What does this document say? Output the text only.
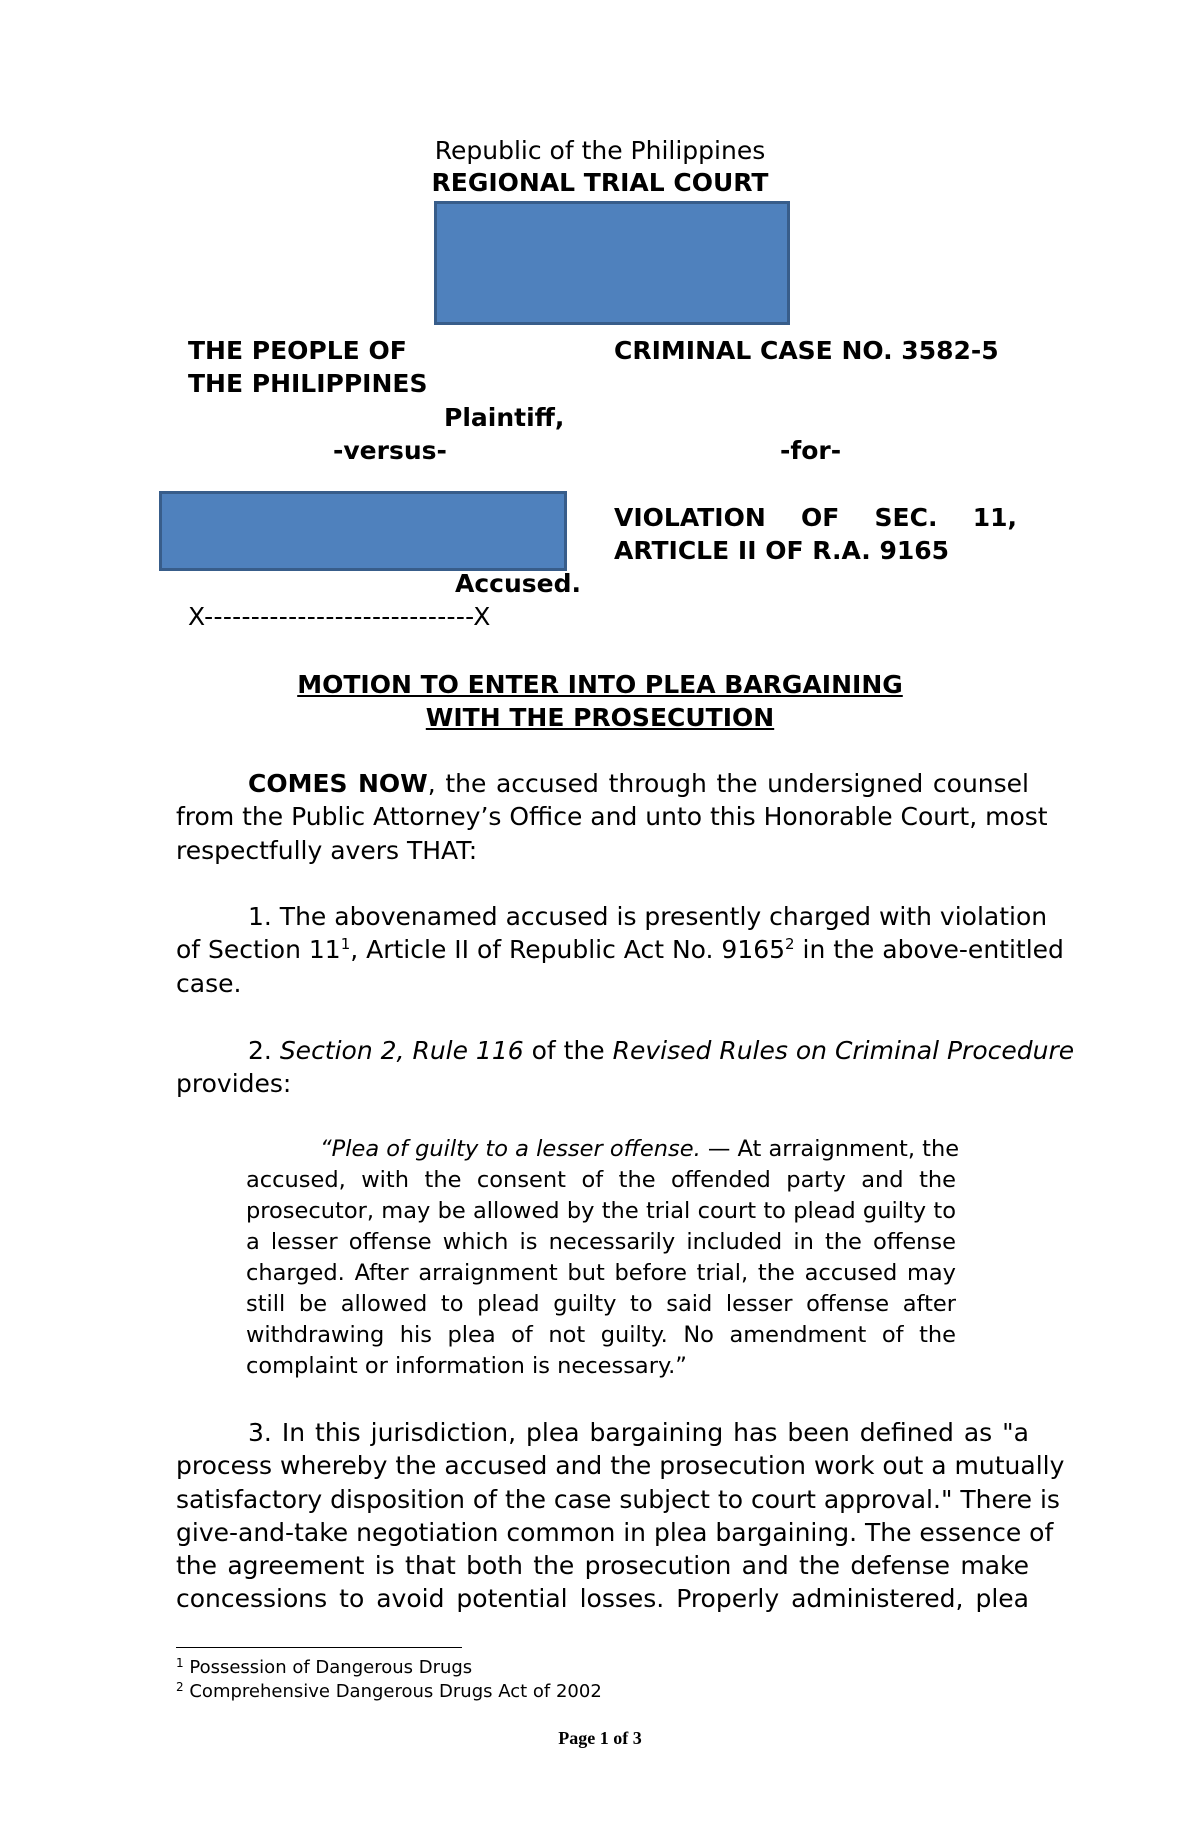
Republic of the Philippines
REGIONAL TRIAL COURT
THE PEOPLE OF
THE PHILIPPINES
Plaintiff,
-versus-
Accused.
X-----------------------------X
CRIMINAL CASE NO. 3582-5
-for-
VIOLATION OF SEC. 11,
ARTICLE II OF R.A. 9165
MOTION TO ENTER INTO PLEA BARGAINING
WITH THE PROSECUTION
COMES NOW, the accused through the undersigned counsel
from the Public Attorney’s Office and unto this Honorable Court, most
respectfully avers THAT:
1. The abovenamed accused is presently charged with violation
of Section $11^1$, Article II of Republic Act No. 9165$^2$ in the above-entitled
case.
2. Section 2, Rule 116 of the Revised Rules on Criminal Procedure
provides:
“Plea of guilty to a lesser offense. — At arraignment, the
accused, with the consent of the offended party and the
prosecutor, may be allowed by the trial court to plead guilty to
a lesser offense which is necessarily included in the offense
charged. After arraignment but before trial, the accused may
still be allowed to plead guilty to said lesser offense after
withdrawing his plea of not guilty. No amendment of the
complaint or information is necessary.”
3. In this jurisdiction, plea bargaining has been defined as "a
process whereby the accused and the prosecution work out a mutually
satisfactory disposition of the case subject to court approval." There is
give-and-take negotiation common in plea bargaining. The essence of
the agreement is that both the prosecution and the defense make
concessions to avoid potential losses. Properly administered, plea
$^1$ Possession of Dangerous Drugs
$^2$ Comprehensive Dangerous Drugs Act of 2002
Page 1 of 3
